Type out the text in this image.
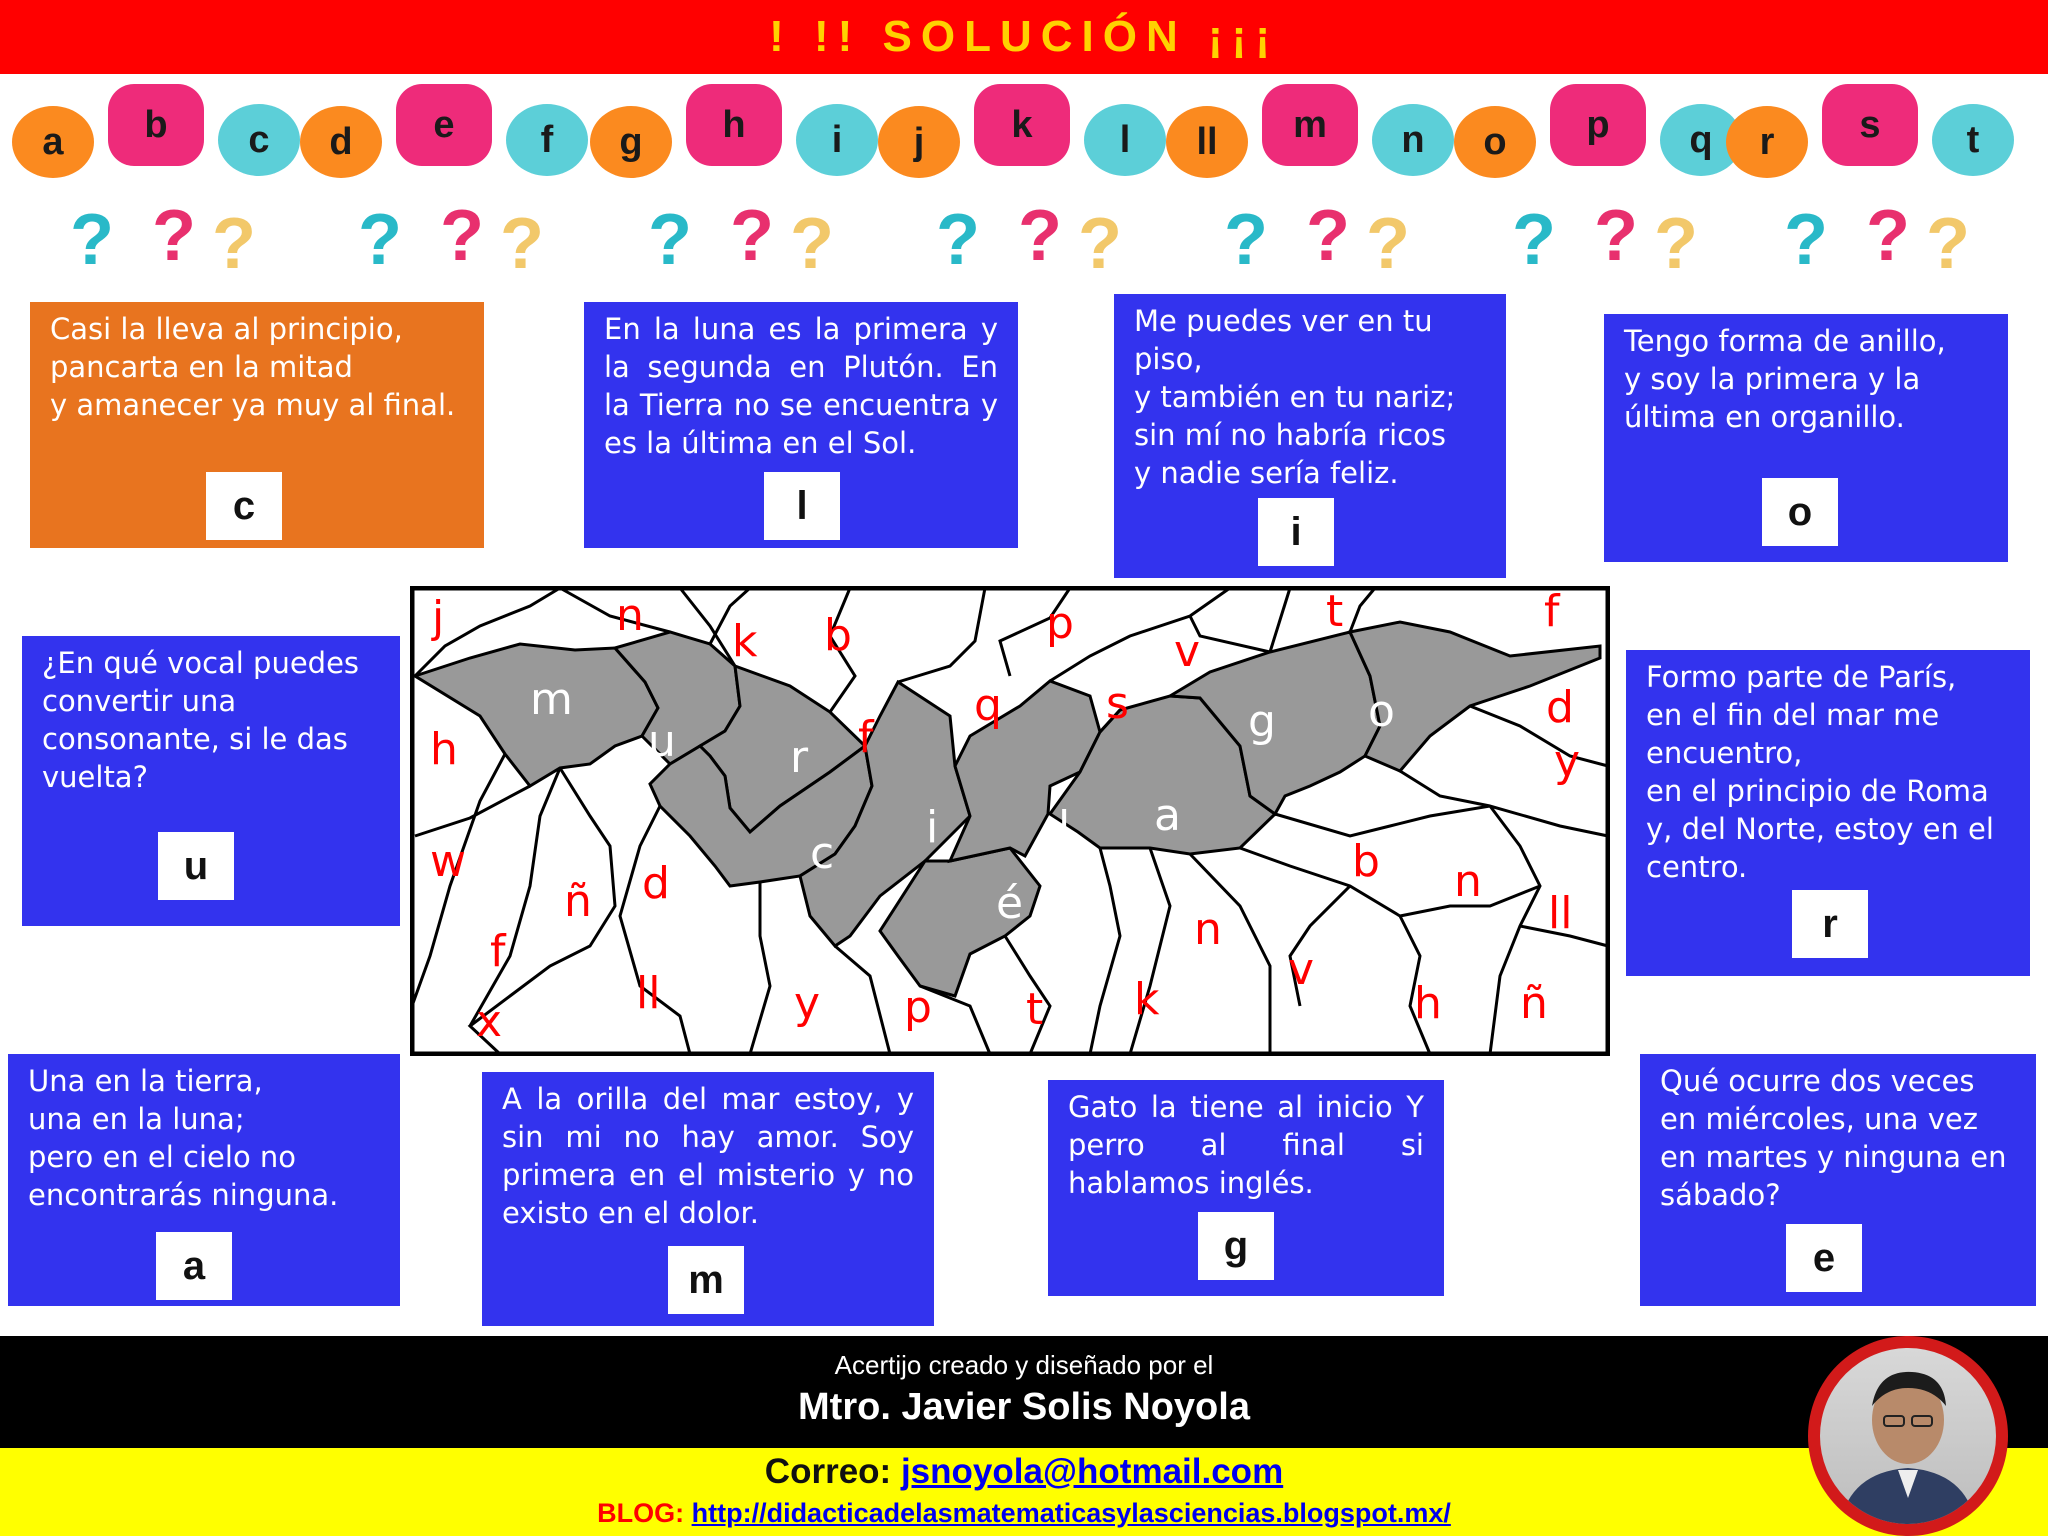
! !! SOLUCIÓN ¡¡¡
a	b	c
? ? ?
d	e	f
? ? ?
g	h	i
? ? ?
j	k	l
? ? ?
ll	m	n
? ? ?
o	p	q
? ? ?
r	s	t
? ? ?
Casi la lleva al principio,
pancarta en la mitad
y amanecer ya muy al final.
c
En la luna es la primera y la segunda en Plutón. En la Tierra no se encuentra y es la última en el Sol.
l
Me puedes ver en tu piso,
y también en tu nariz;
sin mí no habría ricos
y nadie sería feliz.
i
Tengo forma de anillo,
y soy la primera y la
última en organillo.
o
¿En qué vocal puedes
convertir una
consonante, si le das
vuelta?
u
Formo parte de París,
en el fin del mar me
encuentro,
en el principio de Roma
y, del Norte, estoy en el
centro.
r
Una en la tierra,
una en la luna;
pero en el cielo no
encontrarás ninguna.
a
A la orilla del mar estoy, y sin mi no hay amor. Soy primera en el misterio y no existo en el dolor.
m
Gato la tiene al inicio Y perro al final si hablamos inglés.
g
Qué ocurre dos veces
en miércoles, una vez
en martes y ninguna en
sábado?
e
j	n
k b	p	t	f
h
q s
v
d
y
w
f
ñ d	b n
ll
x
ll	y p t k
n
v
h ñ
f
m
u	r
c
i
é
l a
g o
Acertijo creado y diseñado por el
Mtro. Javier Solis Noyola
Correo: jsnoyola@hotmail.com
BLOG: http://didacticadelasmatematicasylasciencias.blogspot.mx/
